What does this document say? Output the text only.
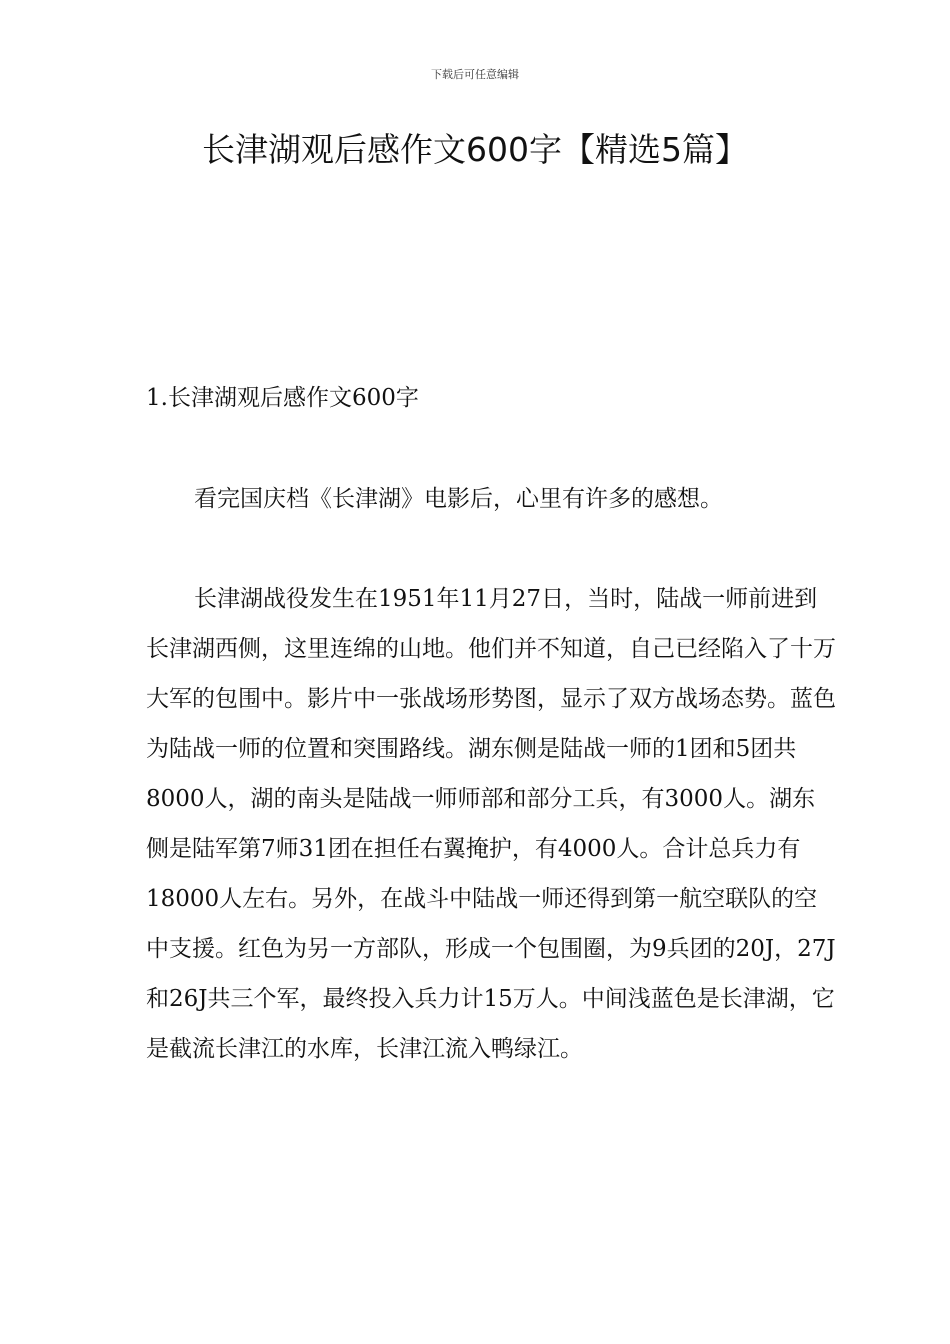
下载后可任意编辑
长津湖观后感作文600字【精选5篇】
1.长津湖观后感作文600字

看完国庆档《长津湖》电影后，心里有许多的感想。

长津湖战役发生在1951年11月27日，当时，陆战一师前进到长津湖西侧，这里连绵的山地。他们并不知道，自己已经陷入了十万大军的包围中。影片中一张战场形势图，显示了双方战场态势。蓝色为陆战一师的位置和突围路线。湖东侧是陆战一师的1团和5团共8000人，湖的南头是陆战一师师部和部分工兵，有3000人。湖东侧是陆军第7师31团在担任右翼掩护，有4000人。合计总兵力有18000人左右。另外，在战斗中陆战一师还得到第一航空联队的空中支援。红色为另一方部队，形成一个包围圈，为9兵团的20J，27J和26J共三个军，最终投入兵力计15万人。中间浅蓝色是长津湖，它是截流长津江的水库，长津江流入鸭绿江。
